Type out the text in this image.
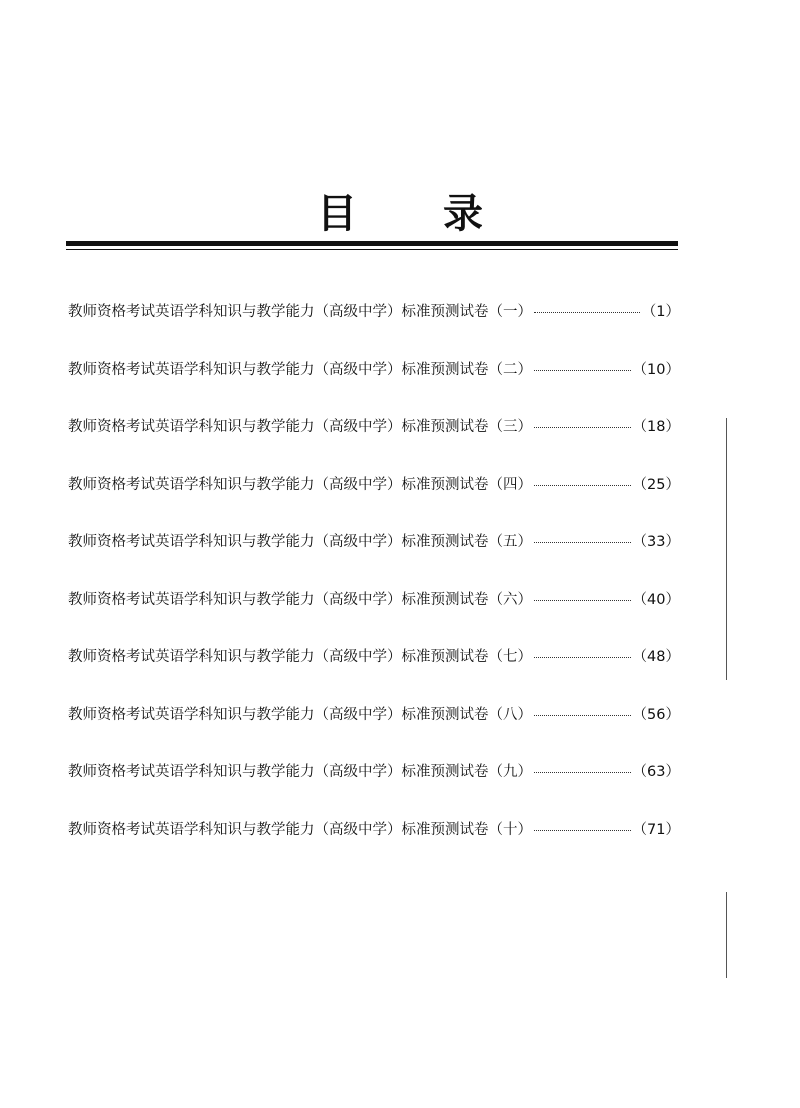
目 录
教师资格考试英语学科知识与教学能力（高级中学）标准预测试卷（一）	（1）
教师资格考试英语学科知识与教学能力（高级中学）标准预测试卷（二）	（10）
教师资格考试英语学科知识与教学能力（高级中学）标准预测试卷（三）	（18）
教师资格考试英语学科知识与教学能力（高级中学）标准预测试卷（四）	（25）
教师资格考试英语学科知识与教学能力（高级中学）标准预测试卷（五）	（33）
教师资格考试英语学科知识与教学能力（高级中学）标准预测试卷（六）	（40）
教师资格考试英语学科知识与教学能力（高级中学）标准预测试卷（七）	（48）
教师资格考试英语学科知识与教学能力（高级中学）标准预测试卷（八）	（56）
教师资格考试英语学科知识与教学能力（高级中学）标准预测试卷（九）	（63）
教师资格考试英语学科知识与教学能力（高级中学）标准预测试卷（十）	（71）
